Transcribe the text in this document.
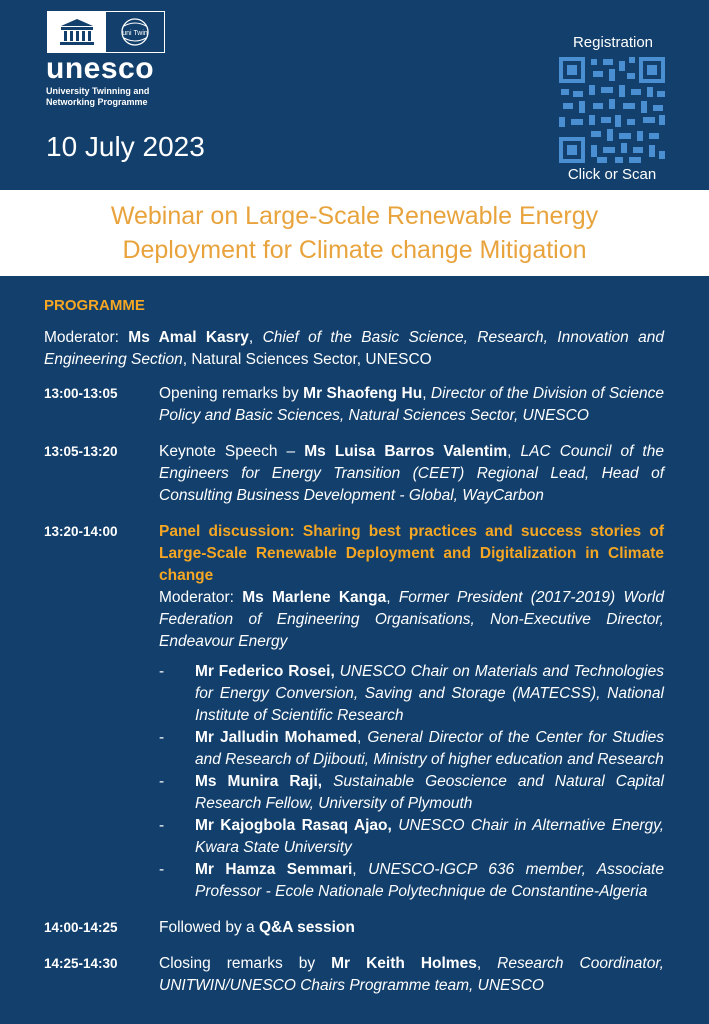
uni Twin
unesco
University Twinning and Networking Programme
10 July 2023
Registration
Click or Scan
Webinar on Large-Scale Renewable Energy Deployment for Climate change Mitigation
PROGRAMME
Moderator: Ms Amal Kasry, Chief of the Basic Science, Research, Innovation and Engineering Section, Natural Sciences Sector, UNESCO
13:00-13:05	Opening remarks by Mr Shaofeng Hu, Director of the Division of Science Policy and Basic Sciences, Natural Sciences Sector, UNESCO
13:05-13:20	Keynote Speech – Ms Luisa Barros Valentim, LAC Council of the Engineers for Energy Transition (CEET) Regional Lead, Head of Consulting Business Development - Global, WayCarbon
13:20-14:00	Panel discussion: Sharing best practices and success stories of Large-Scale Renewable Deployment and Digitalization in Climate change
Moderator: Ms Marlene Kanga, Former President (2017-2019) World Federation of Engineering Organisations, Non-Executive Director, Endeavour Energy
-	Mr Federico Rosei, UNESCO Chair on Materials and Technologies for Energy Conversion, Saving and Storage (MATECSS), National Institute of Scientific Research
-	Mr Jalludin Mohamed, General Director of the Center for Studies and Research of Djibouti, Ministry of higher education and Research
-	Ms Munira Raji, Sustainable Geoscience and Natural Capital Research Fellow, University of Plymouth
-	Mr Kajogbola Rasaq Ajao, UNESCO Chair in Alternative Energy, Kwara State University
-	Mr Hamza Semmari, UNESCO-IGCP 636 member, Associate Professor - Ecole Nationale Polytechnique de Constantine-Algeria
14:00-14:25	Followed by a Q&A session
14:25-14:30	Closing remarks by Mr Keith Holmes, Research Coordinator, UNITWIN/UNESCO Chairs Programme team, UNESCO
